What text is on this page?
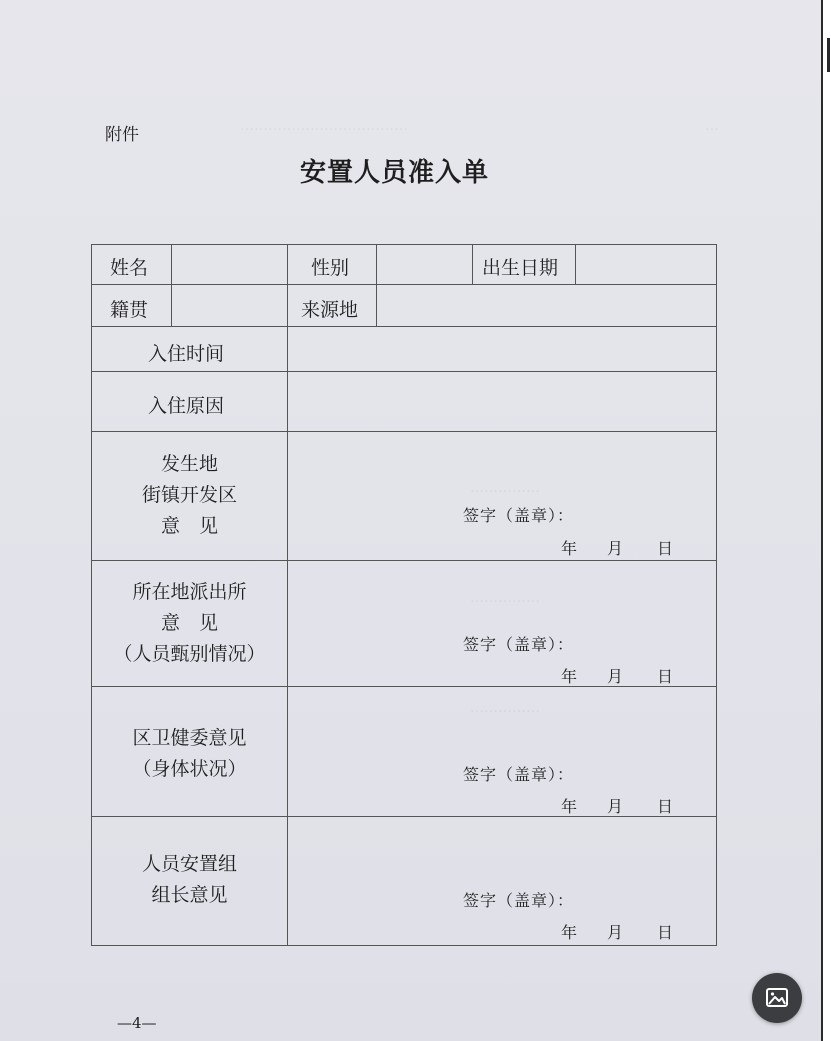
………………………………	…
……………
……………
……………
附件
安置人员准入单
姓名	性别	出生日期
籍贯	来源地
入住时间
入住原因
发生地
街镇开发区
意　见	签字（盖章）：
年 月 日
所在地派出所
意　见
（人员甄别情况）	签字（盖章）：
年 月 日
区卫健委意见
（身体状况）	签字（盖章）：
年 月 日
人员安置组
组长意见	签字（盖章）：
年 月 日
—4—
